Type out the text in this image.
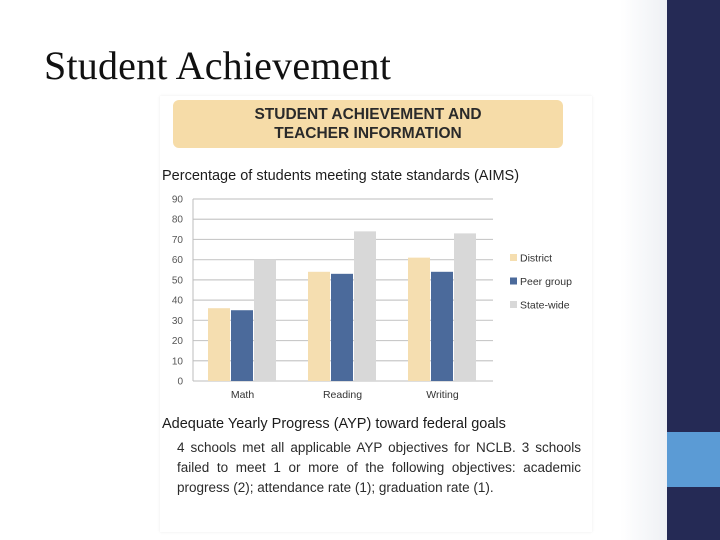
Student Achievement
STUDENT ACHIEVEMENT AND
TEACHER INFORMATION
Percentage of students meeting state standards (AIMS)
0
10
20
30
40
50
60
70
80
90
Math	Reading	Writing
District
Peer group
State-wide
Adequate Yearly Progress (AYP) toward federal goals
4 schools met all applicable AYP objectives for NCLB. 3 schools failed to meet 1 or more of the following objectives: academic progress (2); attendance rate (1); graduation rate (1).
